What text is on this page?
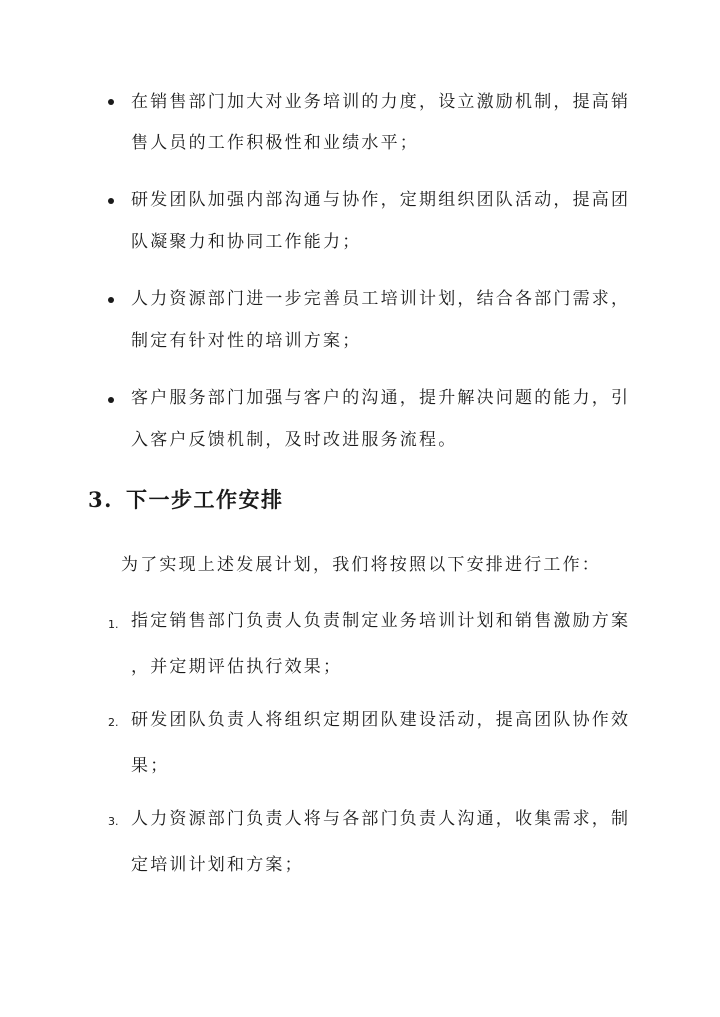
在销售部门加大对业务培训的力度，设立激励机制，提高销
售人员的工作积极性和业绩水平；
研发团队加强内部沟通与协作，定期组织团队活动，提高团
队凝聚力和协同工作能力；
人力资源部门进一步完善员工培训计划，结合各部门需求，
制定有针对性的培训方案；
客户服务部门加强与客户的沟通，提升解决问题的能力，引
入客户反馈机制，及时改进服务流程。
3. 下一步工作安排
为了实现上述发展计划，我们将按照以下安排进行工作：
1. 指定销售部门负责人负责制定业务培训计划和销售激励方案
，并定期评估执行效果；
2. 研发团队负责人将组织定期团队建设活动，提高团队协作效
果；
3. 人力资源部门负责人将与各部门负责人沟通，收集需求，制
定培训计划和方案；
